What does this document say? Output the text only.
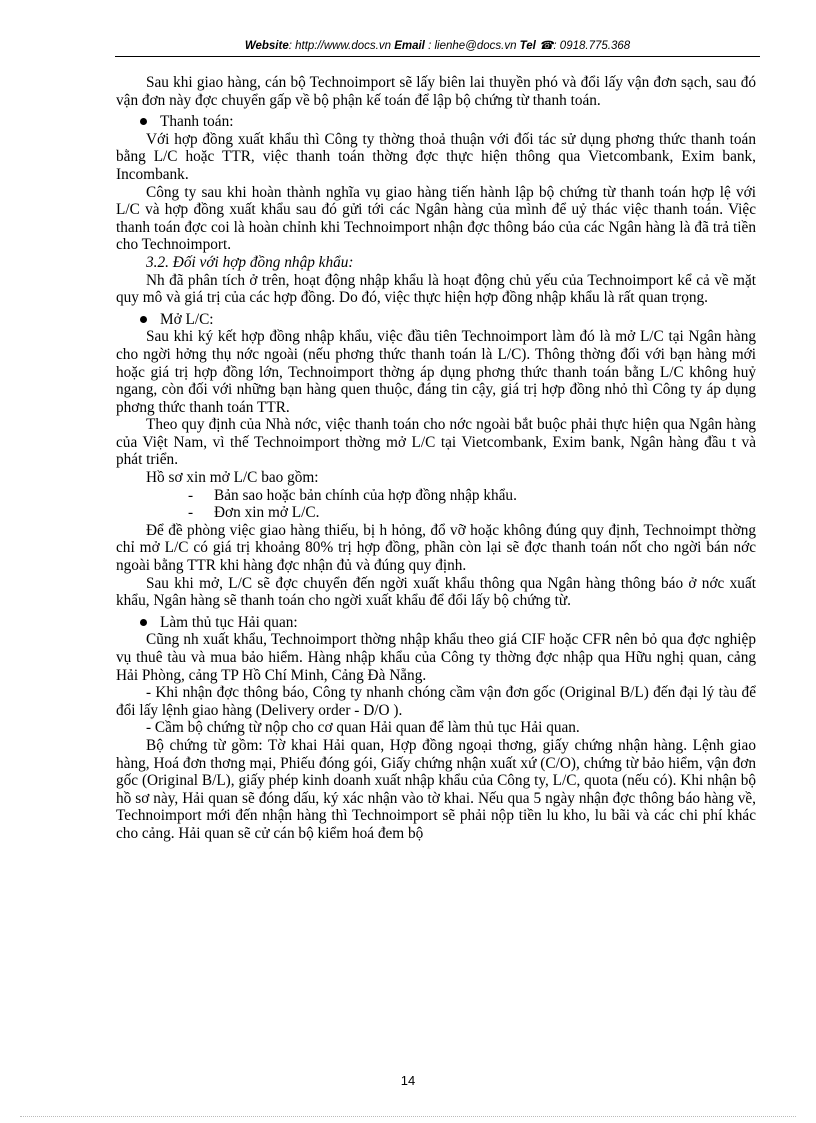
Website: http://www.docs.vn Email : lienhe@docs.vn Tel ☎: 0918.775.368

Sau khi giao hàng, cán bộ Technoimport sẽ lấy biên lai thuyền phó và đổi lấy vận đơn sạch, sau đó vận đơn này đợc chuyển gấp về bộ phận kế toán để lập bộ chứng từ thanh toán.

Thanh toán:

Với hợp đồng xuất khẩu thì Công ty thờng thoả thuận với đối tác sử dụng phơng thức thanh toán bằng L/C hoặc TTR, việc thanh toán thờng đợc thực hiện thông qua Vietcombank, Exim bank, Incombank.

Công ty sau khi hoàn thành nghĩa vụ giao hàng tiến hành lập bộ chứng từ thanh toán hợp lệ với L/C và hợp đồng xuất khẩu sau đó gửi tới các Ngân hàng của mình để uỷ thác việc thanh toán. Việc thanh toán đợc coi là hoàn chỉnh khi Technoimport nhận đợc thông báo của các Ngân hàng là đã trả tiền cho Technoimport.

3.2. Đối với hợp đồng nhập khẩu:

Nh đã phân tích ở trên, hoạt động nhập khẩu là hoạt động chủ yếu của Technoimport kể cả về mặt quy mô và giá trị của các hợp đồng. Do đó, việc thực hiện hợp đồng nhập khẩu là rất quan trọng.

Mở L/C:

Sau khi ký kết hợp đồng nhập khẩu, việc đầu tiên Technoimport làm đó là mở L/C tại Ngân hàng cho ngời hởng thụ nớc ngoài (nếu phơng thức thanh toán là L/C). Thông thờng đối với bạn hàng mới hoặc giá trị hợp đồng lớn, Technoimport thờng áp dụng phơng thức thanh toán bằng L/C không huỷ ngang, còn đối với những bạn hàng quen thuộc, đáng tin cậy, giá trị hợp đồng nhỏ thì Công ty áp dụng phơng thức thanh toán TTR.

Theo quy định của Nhà nớc, việc thanh toán cho nớc ngoài bắt buộc phải thực hiện qua Ngân hàng của Việt Nam, vì thế Technoimport thờng mở L/C tại Vietcombank, Exim bank, Ngân hàng đầu t và phát triển.

Hồ sơ xin mở L/C bao gồm:

- Bản sao hoặc bản chính của hợp đồng nhập khẩu.
- Đơn xin mở L/C.

Để đề phòng việc giao hàng thiếu, bị h hỏng, đổ vỡ hoặc không đúng quy định, Technoimpt thờng chỉ mở L/C có giá trị khoảng 80% trị hợp đồng, phần còn lại sẽ đợc thanh toán nốt cho ngời bán nớc ngoài bằng TTR khi hàng đợc nhận đủ và đúng quy định.

Sau khi mở, L/C sẽ đợc chuyển đến ngời xuất khẩu thông qua Ngân hàng thông báo ở nớc xuất khẩu, Ngân hàng sẽ thanh toán cho ngời xuất khẩu để đổi lấy bộ chứng từ.

Làm thủ tục Hải quan:

Cũng nh xuất khẩu, Technoimport thờng nhập khẩu theo giá CIF hoặc CFR nên bỏ qua đợc nghiệp vụ thuê tàu và mua bảo hiểm. Hàng nhập khẩu của Công ty thờng đợc nhập qua Hữu nghị quan, cảng Hải Phòng, cảng TP Hồ Chí Minh, Cảng Đà Nẵng.

- Khi nhận đợc thông báo, Công ty nhanh chóng cầm vận đơn gốc (Original B/L) đến đại lý tàu để đổi lấy lệnh giao hàng (Delivery order - D/O ).

- Cầm bộ chứng từ nộp cho cơ quan Hải quan để làm thủ tục Hải quan.

Bộ chứng từ gồm: Tờ khai Hải quan, Hợp đồng ngoại thơng, giấy chứng nhận hàng. Lệnh giao hàng, Hoá đơn thơng mại, Phiếu đóng gói, Giấy chứng nhận xuất xứ (C/O), chứng từ bảo hiểm, vận đơn gốc (Original B/L), giấy phép kinh doanh xuất nhập khẩu của Công ty, L/C, quota (nếu có). Khi nhận bộ hồ sơ này, Hải quan sẽ đóng dấu, ký xác nhận vào tờ khai. Nếu qua 5 ngày nhận đợc thông báo hàng về, Technoimport mới đến nhận hàng thì Technoimport sẽ phải nộp tiền lu kho, lu bãi và các chi phí khác cho cảng. Hải quan sẽ cử cán bộ kiểm hoá đem bộ

14
